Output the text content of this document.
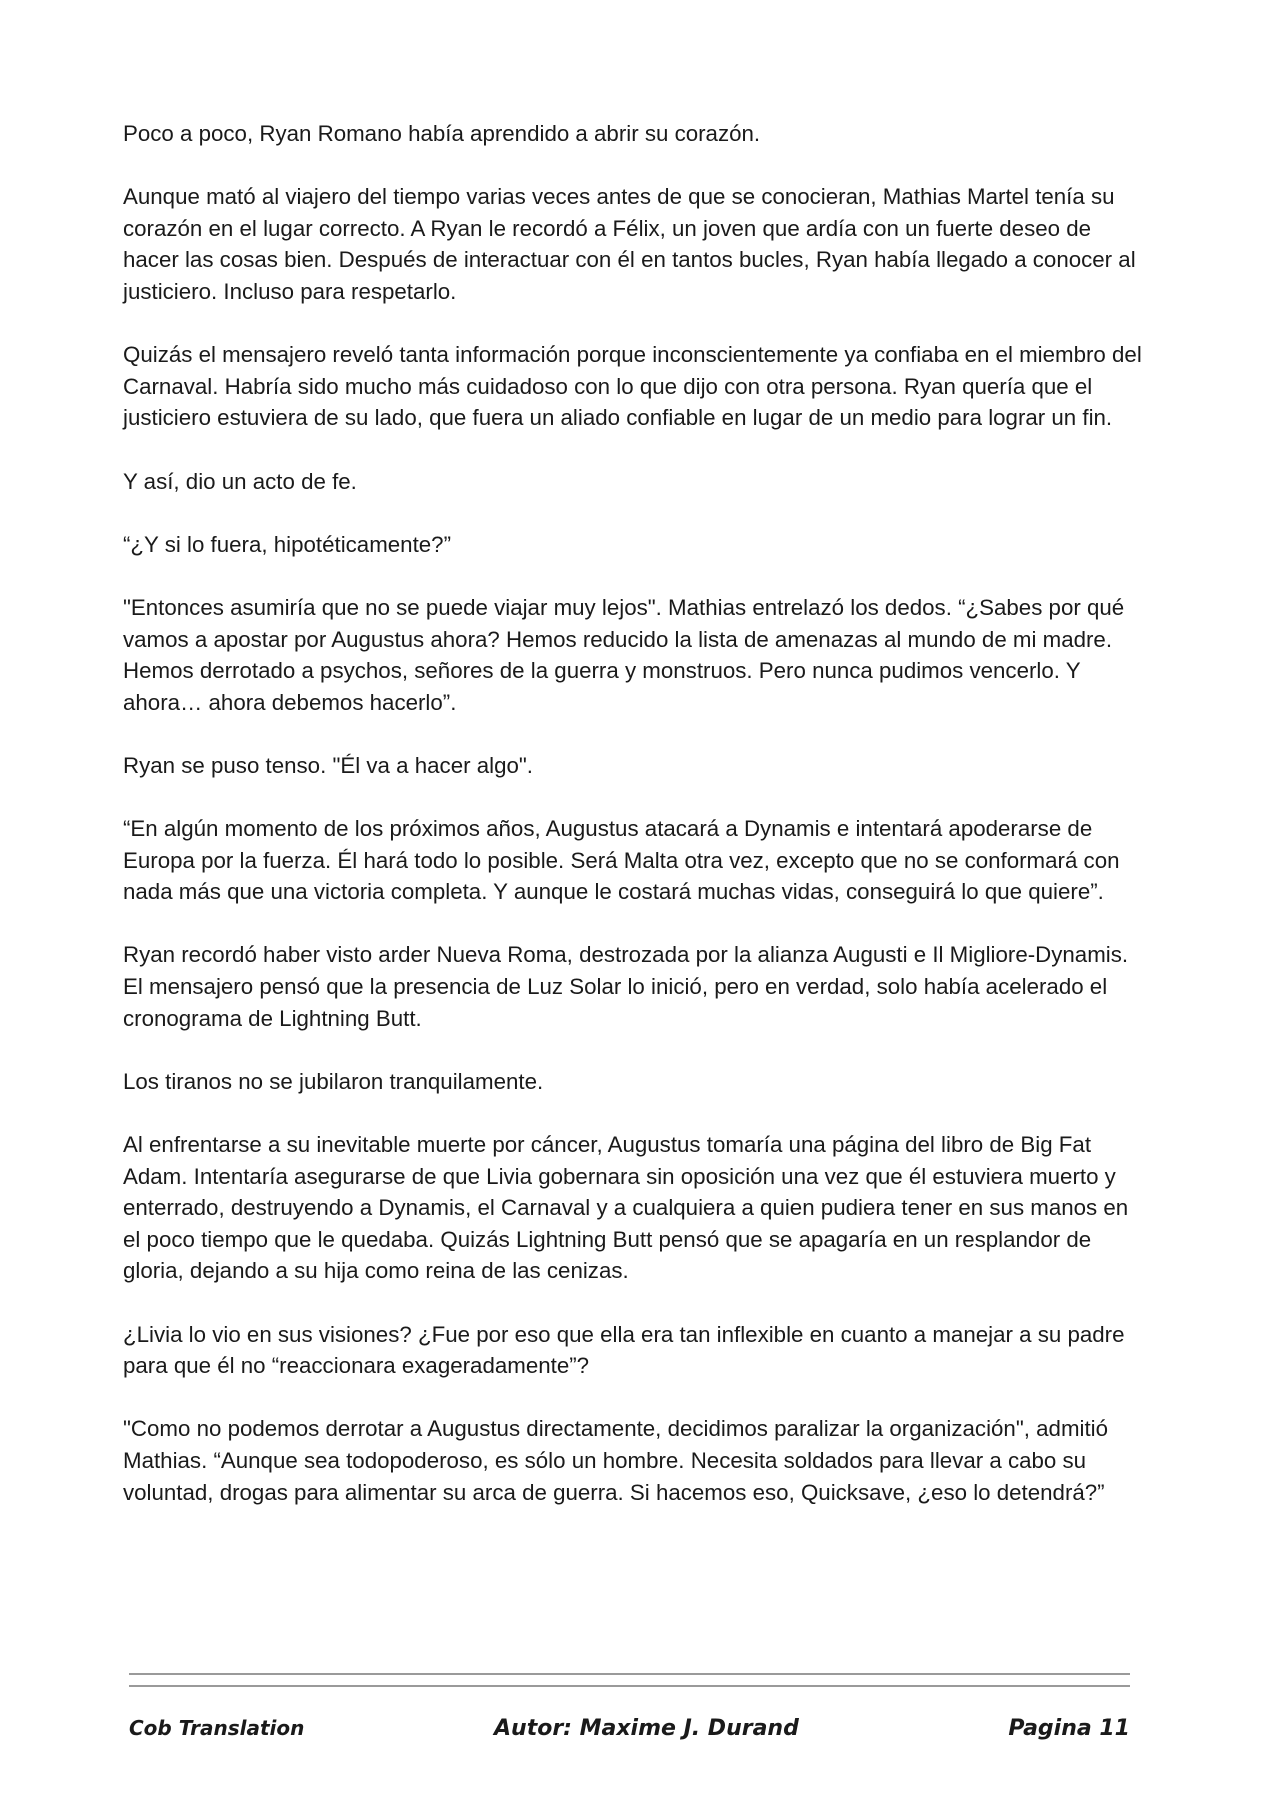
Poco a poco, Ryan Romano había aprendido a abrir su corazón.

Aunque mató al viajero del tiempo varias veces antes de que se conocieran, Mathias Martel tenía su corazón en el lugar correcto. A Ryan le recordó a Félix, un joven que ardía con un fuerte deseo de hacer las cosas bien. Después de interactuar con él en tantos bucles, Ryan había llegado a conocer al justiciero. Incluso para respetarlo.

Quizás el mensajero reveló tanta información porque inconscientemente ya confiaba en el miembro del Carnaval. Habría sido mucho más cuidadoso con lo que dijo con otra persona. Ryan quería que el justiciero estuviera de su lado, que fuera un aliado confiable en lugar de un medio para lograr un fin.

Y así, dio un acto de fe.

“¿Y si lo fuera, hipotéticamente?”

"Entonces asumiría que no se puede viajar muy lejos". Mathias entrelazó los dedos. “¿Sabes por qué vamos a apostar por Augustus ahora? Hemos reducido la lista de amenazas al mundo de mi madre. Hemos derrotado a psychos, señores de la guerra y monstruos. Pero nunca pudimos vencerlo. Y ahora… ahora debemos hacerlo”.

Ryan se puso tenso. "Él va a hacer algo".

“En algún momento de los próximos años, Augustus atacará a Dynamis e intentará apoderarse de Europa por la fuerza. Él hará todo lo posible. Será Malta otra vez, excepto que no se conformará con nada más que una victoria completa. Y aunque le costará muchas vidas, conseguirá lo que quiere”.

Ryan recordó haber visto arder Nueva Roma, destrozada por la alianza Augusti e Il Migliore-Dynamis. El mensajero pensó que la presencia de Luz Solar lo inició, pero en verdad, solo había acelerado el cronograma de Lightning Butt.

Los tiranos no se jubilaron tranquilamente.

Al enfrentarse a su inevitable muerte por cáncer, Augustus tomaría una página del libro de Big Fat Adam. Intentaría asegurarse de que Livia gobernara sin oposición una vez que él estuviera muerto y enterrado, destruyendo a Dynamis, el Carnaval y a cualquiera a quien pudiera tener en sus manos en el poco tiempo que le quedaba. Quizás Lightning Butt pensó que se apagaría en un resplandor de gloria, dejando a su hija como reina de las cenizas.

¿Livia lo vio en sus visiones? ¿Fue por eso que ella era tan inflexible en cuanto a manejar a su padre para que él no “reaccionara exageradamente”?

"Como no podemos derrotar a Augustus directamente, decidimos paralizar la organización", admitió Mathias. “Aunque sea todopoderoso, es sólo un hombre. Necesita soldados para llevar a cabo su voluntad, drogas para alimentar su arca de guerra. Si hacemos eso, Quicksave, ¿eso lo detendrá?”

Cob Translation	Autor: Maxime J. Durand	Pagina 11
